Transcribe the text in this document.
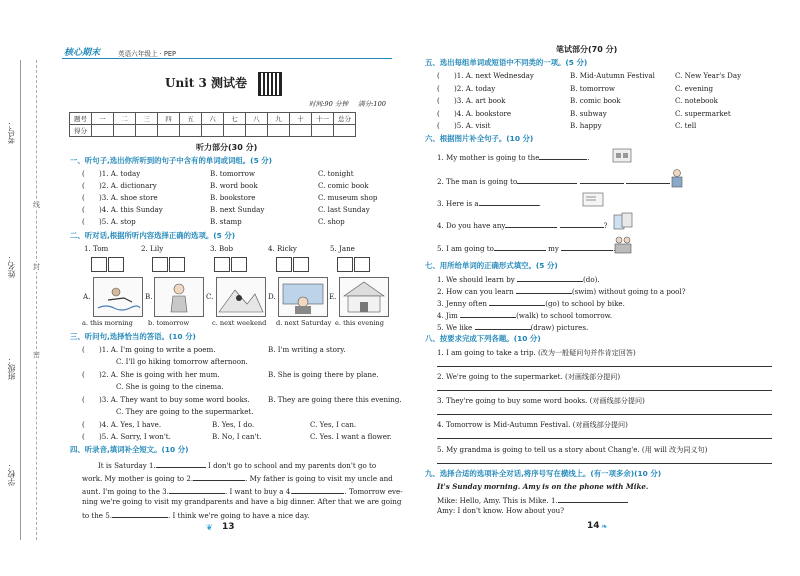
学校：
班级：
姓名：
考号：
线
封
密
核心期末	英语六年级上 · PEP
Unit 3 测试卷
时间:90 分钟 满分:100
题号	一	二	三	四	五	六	七	八	九	十	十一	总分
得分												
听力部分(30 分)
一、听句子,选出你所听到的句子中含有的单词或词组。(5 分)
(　　)1. A. today	B. tomorrow	C. tonight
(　　)2. A. dictionary	B. word book	C. comic book
(　　)3. A. shoe store	B. bookstore	C. museum shop
(　　)4. A. this Sunday	B. next Sunday	C. last Sunday
(　　)5. A. stop	B. stamp	C. shop
二、听对话,根据所听内容选择正确的选项。(5 分)
1. Tom	2. Lily	3. Bob	4. Ricky	5. Jane
A.	B.	C.	D.	E.
a. this morning b. tomorrow	c. next weekend d. next Saturday e. this evening
三、听问句,选择恰当的答语。(10 分)
(　　)1. A. I'm going to write a poem.	B. I'm writing a story.
C. I'll go hiking tomorrow afternoon.
(　　)2. A. She is going with her mum.	B. She is going there by plane.
C. She is going to the cinema.
(　　)3. A. They want to buy some word books.	B. They are going there this evening.
C. They are going to the supermarket.
(　　)4. A. Yes, I have.	B. Yes, I do.	C. Yes, I can.
(　　)5. A. Sorry, I won't.	B. No, I can't.	C. Yes. I want a flower.
四、听录音,填词补全短文。(10 分)
It is Saturday 1.	I don't go to school and my parents don't go to
work. My mother is going to 2.	. My father is going to visit my uncle and
aunt. I'm going to the 3.	. I want to buy a 4.	. Tomorrow eve-
ning we're going to visit my grandparents and have a big dinner. After that we are going
to the 5.	. I think we're going to have a nice day.
❦ 13
笔试部分(70 分)
五、选出每组单词或短语中不同类的一项。(5 分)
(　　)1. A. next Wednesday	B. Mid-Autumn Festival	C. New Year's Day
(　　)2. A. today	B. tomorrow	C. evening
(　　)3. A. art book	B. comic book	C. notebook
(　　)4. A. bookstore	B. subway	C. supermarket
(　　)5. A. visit	B. happy	C. tell
六、根据图片补全句子。(10 分)
1. My mother is going to the	.
2. The man is going to
3. Here is a	.
4. Do you have any	?
5. I am going to	my	.
七、用所给单词的正确形式填空。(5 分)
1. We should learn by	(do).
2. How can you learn	(swim) without going to a pool?
3. Jenny often	(go) to school by bike.
4. Jim	(walk) to school tomorrow.
5. We like	(draw) pictures.
八、按要求完成下列各题。(10 分)
1. I am going to take a trip. (改为一般疑问句并作肯定回答)
2. We're going to the supermarket. (对画线部分提问)
3. They're going to buy some word books. (对画线部分提问)
4. Tomorrow is Mid-Autumn Festival. (对画线部分提问)
5. My grandma is going to tell us a story about Chang'e. (用 will 改为同义句)
九、选择合适的选项补全对话,将序号写在横线上。(有一项多余)(10 分)
It's Sunday morning. Amy is on the phone with Mike.
Mike: Hello, Amy. This is Mike. 1.
Amy: I don't know. How about you?
14 ❧
